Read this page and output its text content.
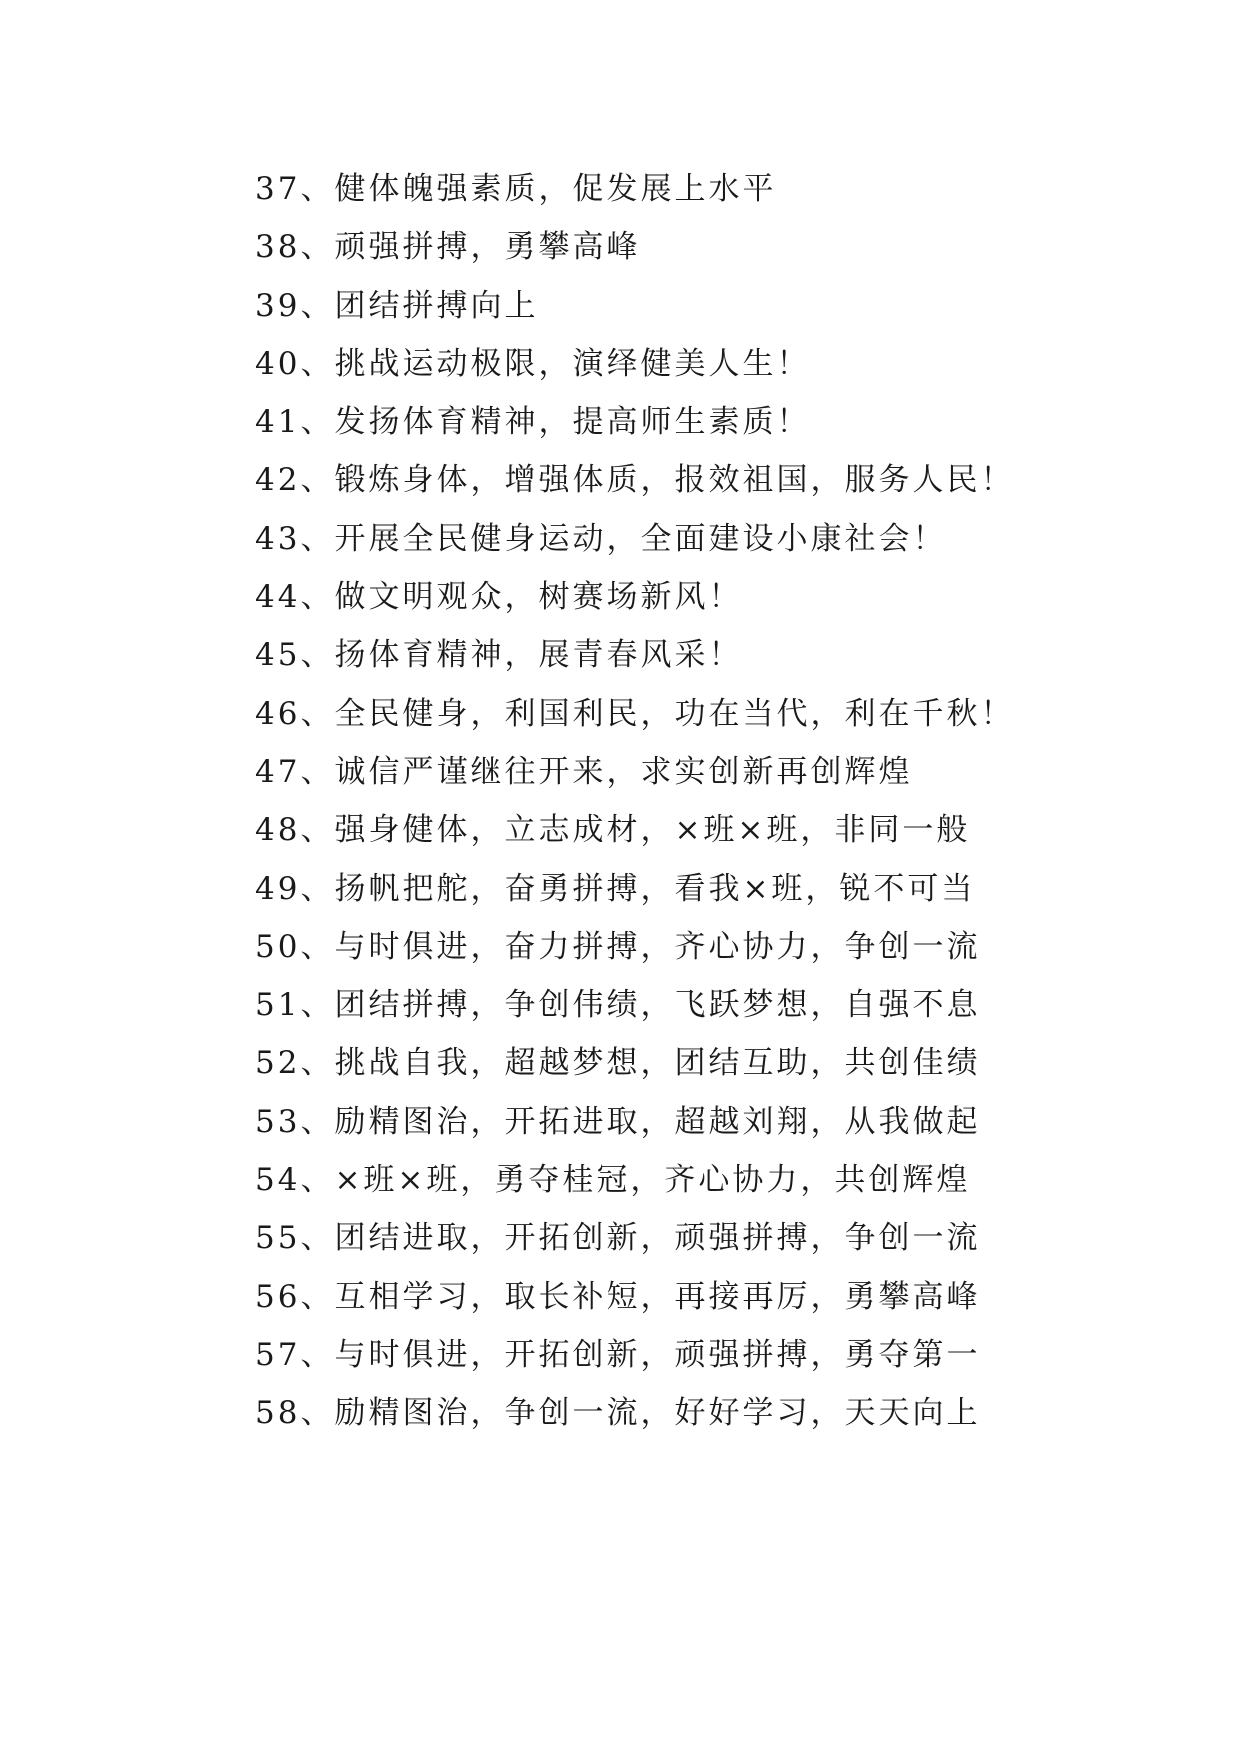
37、健体魄强素质，促发展上水平
38、顽强拼搏，勇攀高峰
39、团结拼搏向上
40、挑战运动极限，演绎健美人生！
41、发扬体育精神，提高师生素质！
42、锻炼身体，增强体质，报效祖国，服务人民！
43、开展全民健身运动，全面建设小康社会！
44、做文明观众，树赛场新风！
45、扬体育精神，展青春风采！
46、全民健身，利国利民，功在当代，利在千秋！
47、诚信严谨继往开来，求实创新再创辉煌
48、强身健体，立志成材，×班×班，非同一般
49、扬帆把舵，奋勇拼搏，看我×班，锐不可当
50、与时俱进，奋力拼搏，齐心协力，争创一流
51、团结拼搏，争创伟绩，飞跃梦想，自强不息
52、挑战自我，超越梦想，团结互助，共创佳绩
53、励精图治，开拓进取，超越刘翔，从我做起
54、×班×班，勇夺桂冠，齐心协力，共创辉煌
55、团结进取，开拓创新，顽强拼搏，争创一流
56、互相学习，取长补短，再接再厉，勇攀高峰
57、与时俱进，开拓创新，顽强拼搏，勇夺第一
58、励精图治，争创一流，好好学习，天天向上
